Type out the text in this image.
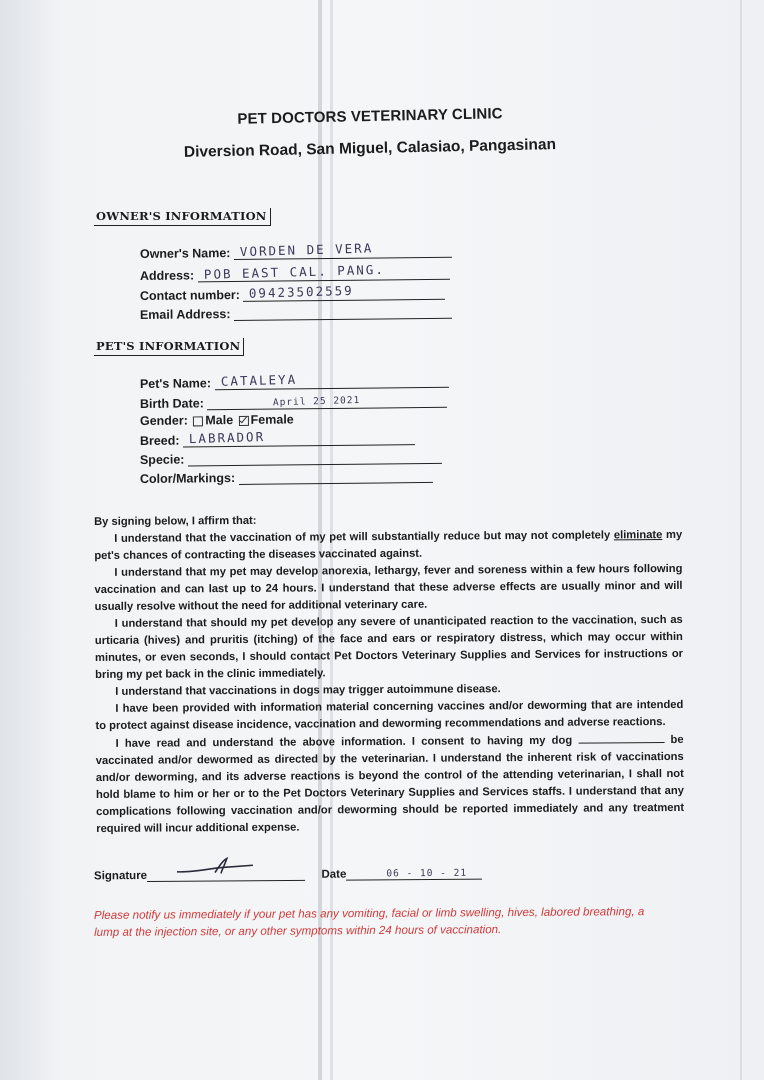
PET DOCTORS VETERINARY CLINIC
Diversion Road, San Miguel, Calasiao, Pangasinan
OWNER'S INFORMATION
Owner's Name: VORDEN DE VERA
Address: POB EAST CAL. PANG.
Contact number: 09423502559
Email Address:
PET'S INFORMATION
Pet's Name: CATALEYA
Birth Date:	April 25 2021
Gender: Male Female
Breed: LABRADOR
Specie:
Color/Markings:

By signing below, I affirm that:

I understand that the vaccination of my pet will substantially reduce but may not completely eliminate my pet's chances of contracting the diseases vaccinated against.

I understand that my pet may develop anorexia, lethargy, fever and soreness within a few hours following vaccination and can last up to 24 hours. I understand that these adverse effects are usually minor and will usually resolve without the need for additional veterinary care.

I understand that should my pet develop any severe of unanticipated reaction to the vaccination, such as urticaria (hives) and pruritis (itching) of the face and ears or respiratory distress, which may occur within minutes, or even seconds, I should contact Pet Doctors Veterinary Supplies and Services for instructions or bring my pet back in the clinic immediately.

I understand that vaccinations in dogs may trigger autoimmune disease.

I have been provided with information material concerning vaccines and/or deworming that are intended to protect against disease incidence, vaccination and deworming recommendations and adverse reactions.

I have read and understand the above information. I consent to having my dog	be vaccinated and/or dewormed as directed by the veterinarian. I understand the inherent risk of vaccinations and/or deworming, and its adverse reactions is beyond the control of the attending veterinarian, I shall not hold blame to him or her or to the Pet Doctors Veterinary Supplies and Services staffs. I understand that any complications following vaccination and/or deworming should be reported immediately and any treatment required will incur additional expense.

Signature	Date	06 - 10 - 21
Please notify us immediately if your pet has any vomiting, facial or limb swelling, hives, labored breathing, a lump at the injection site, or any other symptoms within 24 hours of vaccination.
